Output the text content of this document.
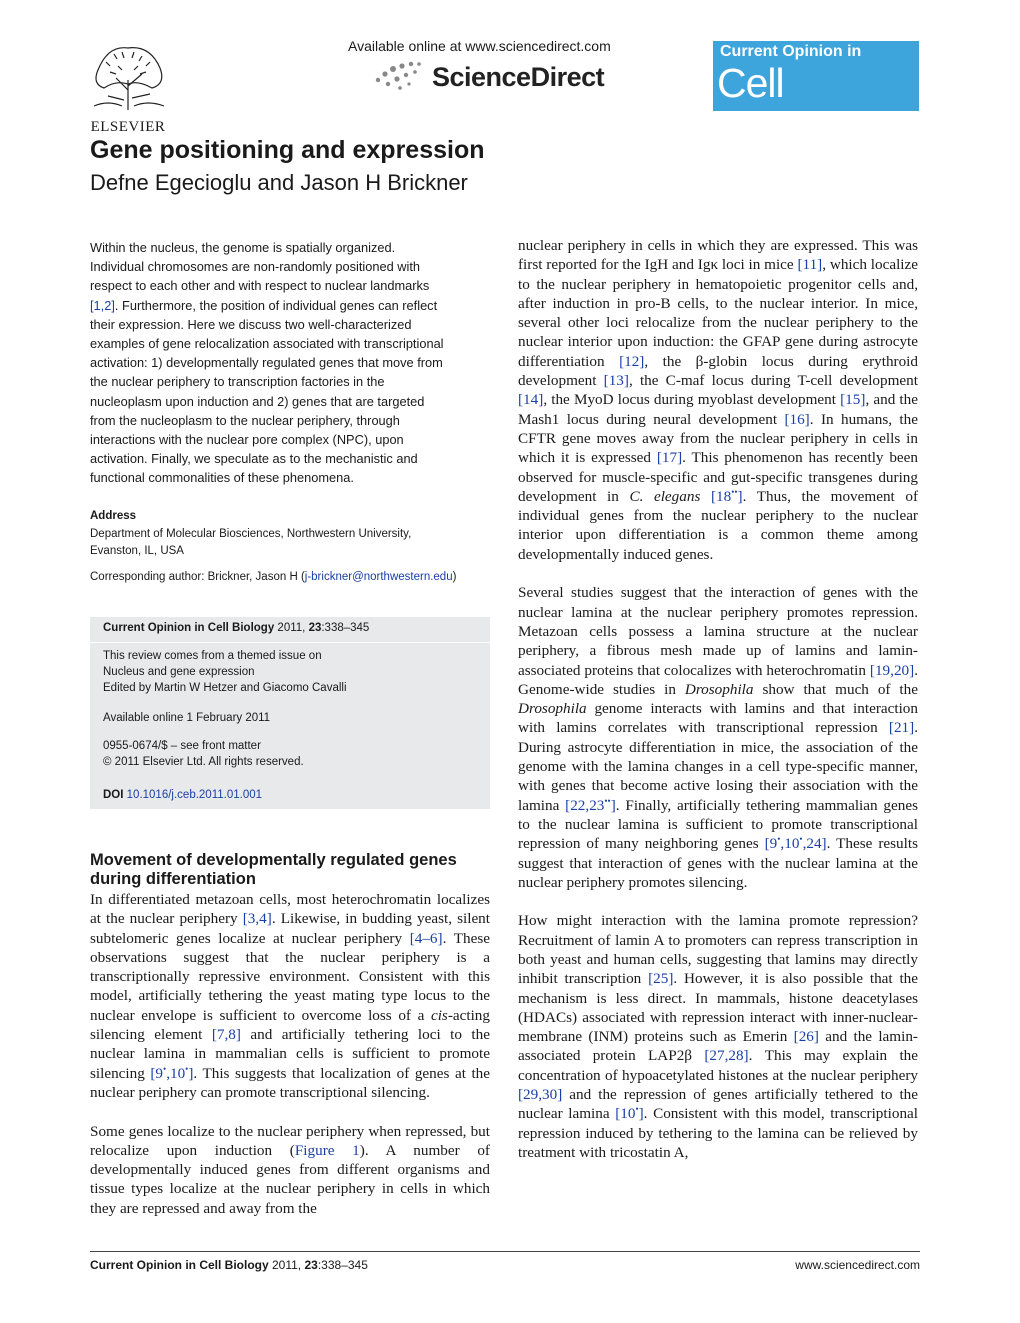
ELSEVIER
Available online at www.sciencedirect.com
ScienceDirect
Current Opinion in
Cell Biology
Gene positioning and expression
Defne Egecioglu and Jason H Brickner
Within the nucleus, the genome is spatially organized.
Individual chromosomes are non-randomly positioned with
respect to each other and with respect to nuclear landmarks
[1,2]. Furthermore, the position of individual genes can reflect
their expression. Here we discuss two well-characterized
examples of gene relocalization associated with transcriptional
activation: 1) developmentally regulated genes that move from
the nuclear periphery to transcription factories in the
nucleoplasm upon induction and 2) genes that are targeted
from the nucleoplasm to the nuclear periphery, through
interactions with the nuclear pore complex (NPC), upon
activation. Finally, we speculate as to the mechanistic and
functional commonalities of these phenomena.
Address
Department of Molecular Biosciences, Northwestern University,
Evanston, IL, USA
Corresponding author: Brickner, Jason H (j-brickner@northwestern.edu)
Current Opinion in Cell Biology 2011, 23:338–345
This review comes from a themed issue on
Nucleus and gene expression
Edited by Martin W Hetzer and Giacomo Cavalli
Available online 1 February 2011
0955-0674/$ – see front matter
© 2011 Elsevier Ltd. All rights reserved.
DOI 10.1016/j.ceb.2011.01.001
Movement of developmentally regulated genes during differentiation

In differentiated metazoan cells, most heterochromatin localizes at the nuclear periphery [3,4]. Likewise, in budding yeast, silent subtelomeric genes localize at nuclear periphery [4–6]. These observations suggest that the nuclear periphery is a transcriptionally repressive environment. Consistent with this model, artificially tethering the yeast mating type locus to the nuclear envelope is sufficient to overcome loss of a cis-acting silencing element [7,8] and artificially tethering loci to the nuclear lamina in mammalian cells is sufficient to promote silencing [9•,10•]. This suggests that localization of genes at the nuclear periphery can promote transcriptional silencing.

Some genes localize to the nuclear periphery when repressed, but relocalize upon induction (Figure 1). A number of developmentally induced genes from different organisms and tissue types localize at the nuclear periphery in cells in which they are repressed and away from the

nuclear periphery in cells in which they are expressed. This was first reported for the IgH and Igκ loci in mice [11], which localize to the nuclear periphery in hematopoietic progenitor cells and, after induction in pro-B cells, to the nuclear interior. In mice, several other loci relocalize from the nuclear periphery to the nuclear interior upon induction: the GFAP gene during astrocyte differentiation [12], the β-globin locus during erythroid development [13], the C-maf locus during T-cell development [14], the MyoD locus during myoblast development [15], and the Mash1 locus during neural development [16]. In humans, the CFTR gene moves away from the nuclear periphery in cells in which it is expressed [17]. This phenomenon has recently been observed for muscle-specific and gut-specific transgenes during development in C. elegans [18••]. Thus, the movement of individual genes from the nuclear periphery to the nuclear interior upon differentiation is a common theme among developmentally induced genes.

Several studies suggest that the interaction of genes with the nuclear lamina at the nuclear periphery promotes repression. Metazoan cells possess a lamina structure at the nuclear periphery, a fibrous mesh made up of lamins and lamin-associated proteins that colocalizes with heterochromatin [19,20]. Genome-wide studies in Drosophila show that much of the Drosophila genome interacts with lamins and that interaction with lamins correlates with transcriptional repression [21]. During astrocyte differentiation in mice, the association of the genome with the lamina changes in a cell type-specific manner, with genes that become active losing their association with the lamina [22,23••]. Finally, artificially tethering mammalian genes to the nuclear lamina is sufficient to promote transcriptional repression of many neighboring genes [9•,10•,24]. These results suggest that interaction of genes with the nuclear lamina at the nuclear periphery promotes silencing.

How might interaction with the lamina promote repression? Recruitment of lamin A to promoters can repress transcription in both yeast and human cells, suggesting that lamins may directly inhibit transcription [25]. However, it is also possible that the mechanism is less direct. In mammals, histone deacetylases (HDACs) associated with repression interact with inner-nuclear-membrane (INM) proteins such as Emerin [26] and the lamin-associated protein LAP2β [27,28]. This may explain the concentration of hypoacetylated histones at the nuclear periphery [29,30] and the repression of genes artificially tethered to the nuclear lamina [10•]. Consistent with this model, transcriptional repression induced by tethering to the lamina can be relieved by treatment with tricostatin A,

Current Opinion in Cell Biology 2011, 23:338–345	www.sciencedirect.com
